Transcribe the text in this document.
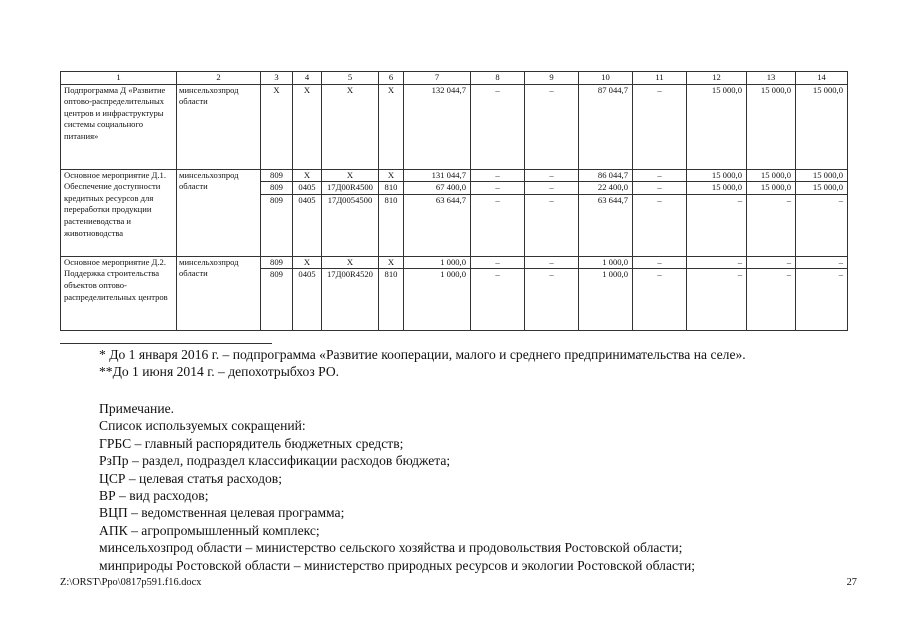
1	2	3	4	5	6	7	8	9	10	11	12	13	14
Подпрограмма Д «Развитие оптово-распределительных центров и инфраструктуры системы социального питания»	минсельхозпрод области	Х	Х	Х	Х	132 044,7	–	–	87 044,7	–	15 000,0	15 000,0	15 000,0
Основное мероприятие Д.1. Обеспечение доступности кредитных ресурсов для переработки продукции растениеводства и животноводства	минсельхозпрод области	809	Х	Х	Х	131 044,7	–	–	86 044,7	–	15 000,0	15 000,0	15 000,0
		809	0405	17Д00R4500	810	67 400,0	–	–	22 400,0	–	15 000,0	15 000,0	15 000,0
		809	0405	17Д0054500	810	63 644,7	–	–	63 644,7	–	–	–	–
Основное мероприятие Д.2. Поддержка строительства объектов оптово-распределительных центров	минсельхозпрод области	809	Х	Х	Х	1 000,0	–	–	1 000,0	–	–	–	–
		809	0405	17Д00R4520	810	1 000,0	–	–	1 000,0	–	–	–	–
* До 1 января 2016 г. – подпрограмма «Развитие кооперации, малого и среднего предпринимательства на селе».
**До 1 июня 2014 г. – депохотрыбхоз РО.
Примечание.
Список используемых сокращений:
ГРБС – главный распорядитель бюджетных средств;
РзПр – раздел, подраздел классификации расходов бюджета;
ЦСР – целевая статья расходов;
ВР – вид расходов;
ВЦП – ведомственная целевая программа;
АПК – агропромышленный комплекс;
минсельхозпрод области – министерство сельского хозяйства и продовольствия Ростовской области;
минприроды Ростовской области – министерство природных ресурсов и экологии Ростовской области;
Z:\ORST\Ppo\0817p591.f16.docx	27
